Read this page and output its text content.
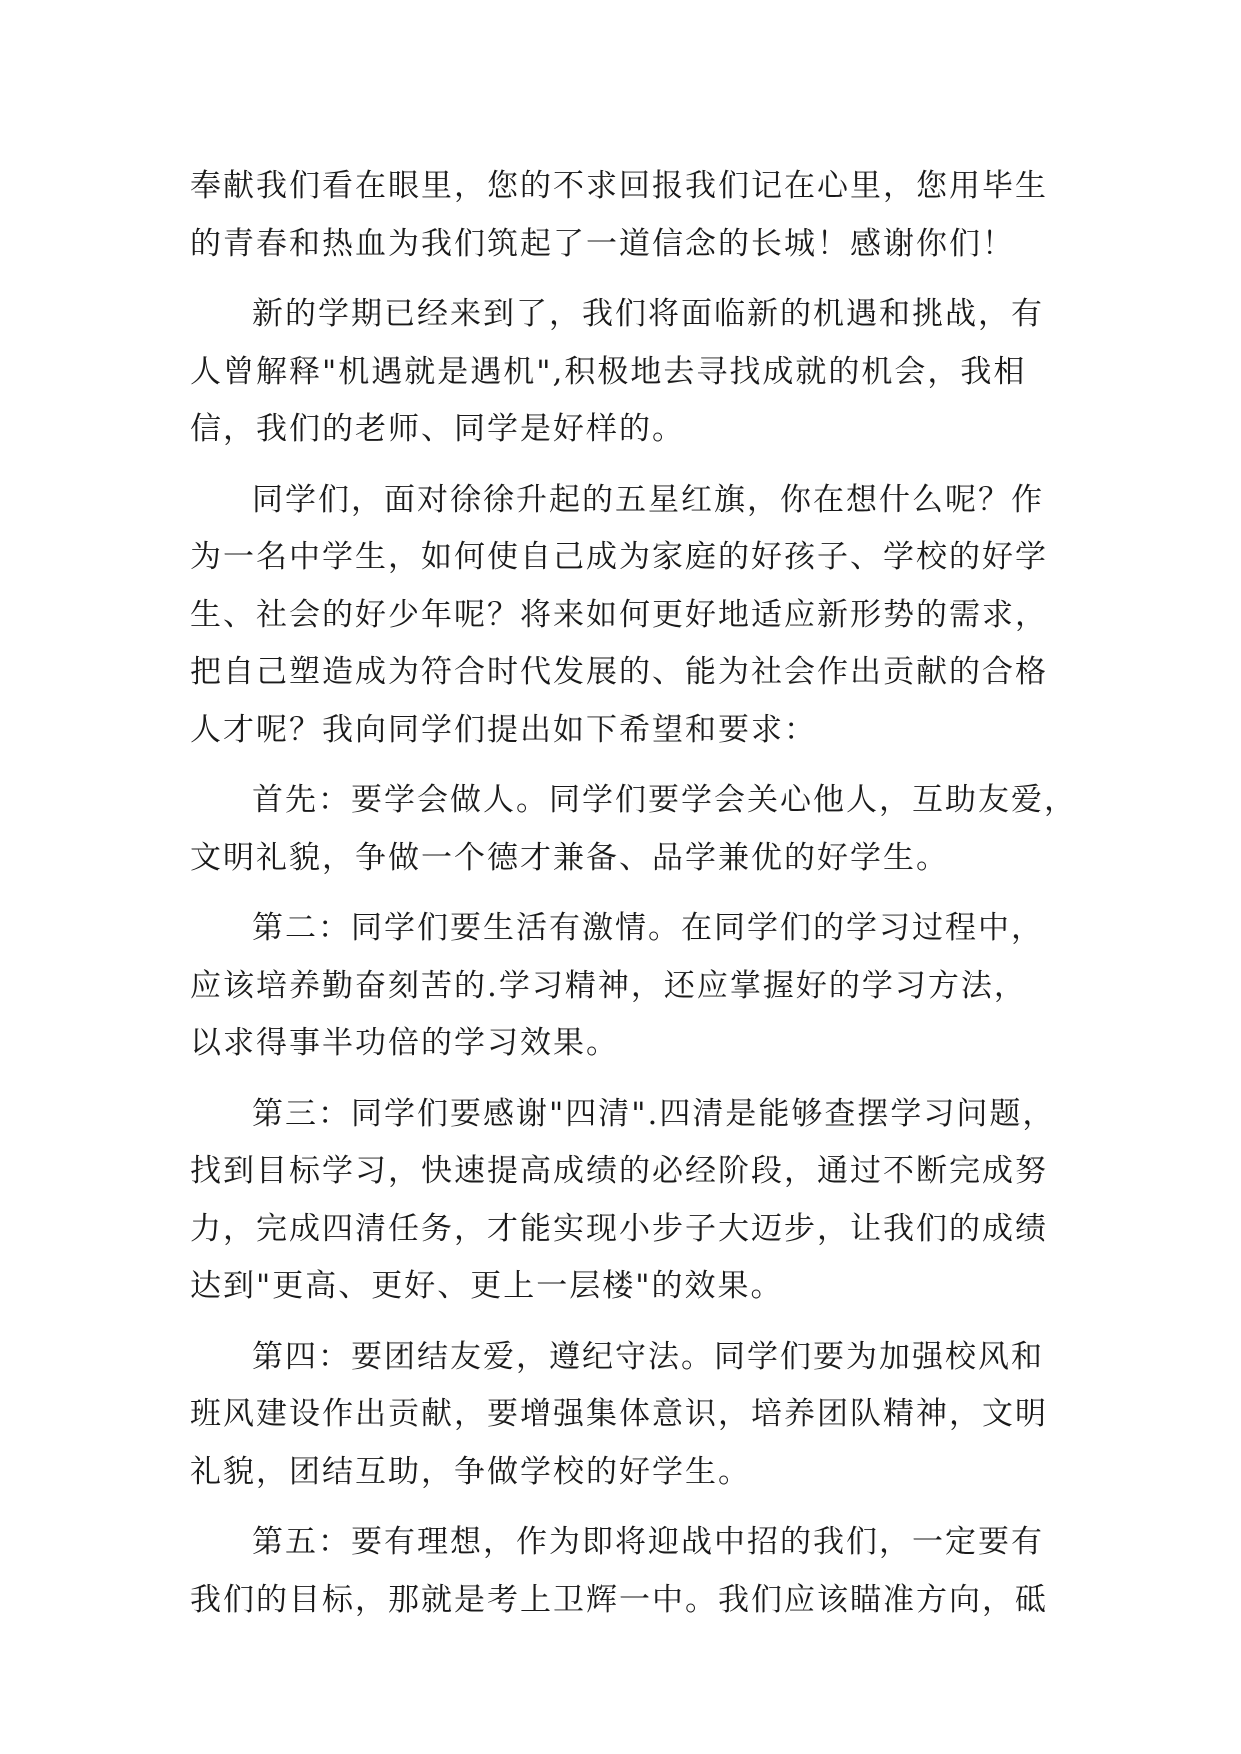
奉献我们看在眼里，您的不求回报我们记在心里，您用毕生
的青春和热血为我们筑起了一道信念的长城！感谢你们！
新的学期已经来到了，我们将面临新的机遇和挑战，有
人曾解释"机遇就是遇机",积极地去寻找成就的机会，我相
信，我们的老师、同学是好样的。
同学们，面对徐徐升起的五星红旗，你在想什么呢？作
为一名中学生，如何使自己成为家庭的好孩子、学校的好学
生、社会的好少年呢？将来如何更好地适应新形势的需求，
把自己塑造成为符合时代发展的、能为社会作出贡献的合格
人才呢？我向同学们提出如下希望和要求：
首先：要学会做人。同学们要学会关心他人，互助友爱，
文明礼貌，争做一个德才兼备、品学兼优的好学生。
第二：同学们要生活有激情。在同学们的学习过程中，
应该培养勤奋刻苦的.学习精神，还应掌握好的学习方法，
以求得事半功倍的学习效果。
第三：同学们要感谢"四清".四清是能够查摆学习问题，
找到目标学习，快速提高成绩的必经阶段，通过不断完成努
力，完成四清任务，才能实现小步子大迈步，让我们的成绩
达到"更高、更好、更上一层楼"的效果。
第四：要团结友爱，遵纪守法。同学们要为加强校风和
班风建设作出贡献，要增强集体意识，培养团队精神，文明
礼貌，团结互助，争做学校的好学生。
第五：要有理想，作为即将迎战中招的我们，一定要有
我们的目标，那就是考上卫辉一中。我们应该瞄准方向，砥
